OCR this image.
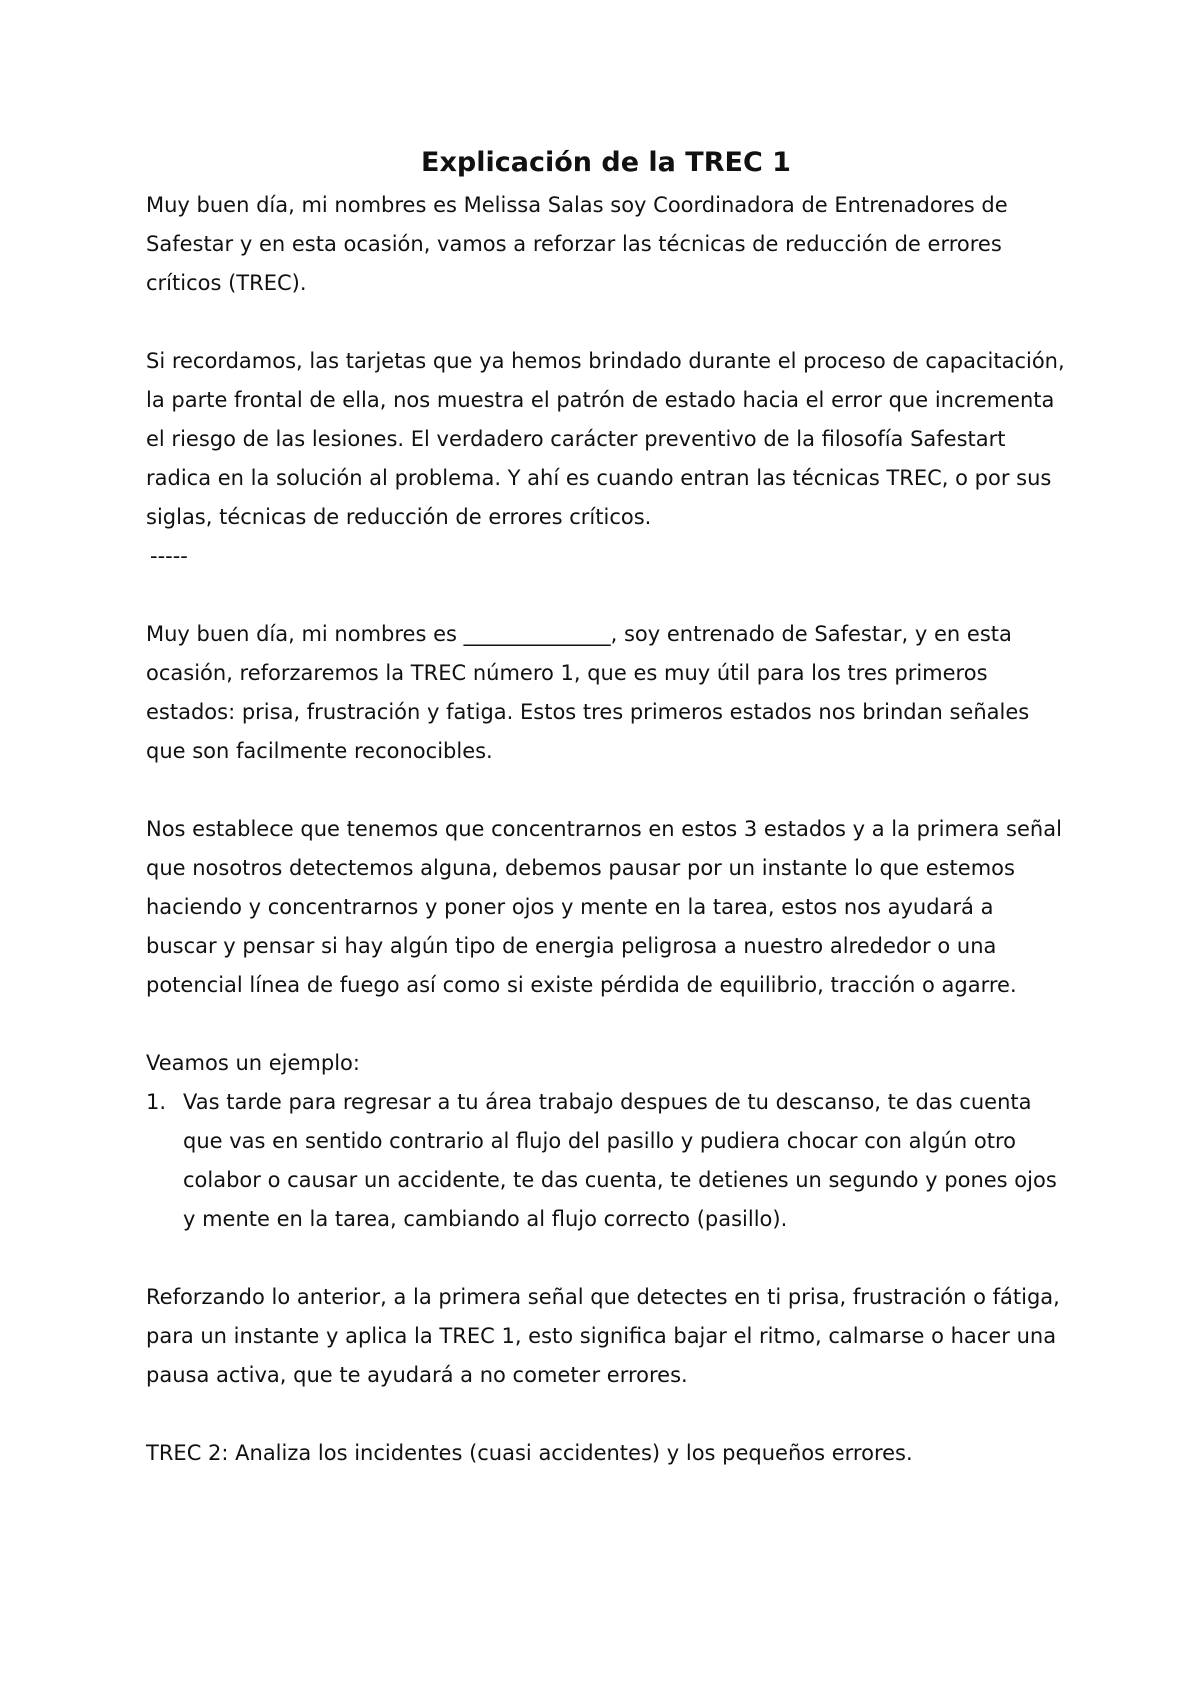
Explicación de la TREC 1

Muy buen día, mi nombres es Melissa Salas soy Coordinadora de Entrenadores de Safestar y en esta ocasión, vamos a reforzar las técnicas de reducción de errores críticos (TREC).

Si recordamos, las tarjetas que ya hemos brindado durante el proceso de capacitación, la parte frontal de ella, nos muestra el patrón de estado hacia el error que incrementa el riesgo de las lesiones. El verdadero carácter preventivo de la filosofía Safestart radica en la solución al problema. Y ahí es cuando entran las técnicas TREC, o por sus siglas, técnicas de reducción de errores críticos.

-----

Muy buen día, mi nombres es ______________, soy entrenado de Safestar, y en esta ocasión, reforzaremos la TREC número 1, que es muy útil para los tres primeros estados: prisa, frustración y fatiga. Estos tres primeros estados nos brindan señales que son facilmente reconocibles.

Nos establece que tenemos que concentrarnos en estos 3 estados y a la primera señal que nosotros detectemos alguna, debemos pausar por un instante lo que estemos haciendo y concentrarnos y poner ojos y mente en la tarea, estos nos ayudará a buscar y pensar si hay algún tipo de energia peligrosa a nuestro alrededor o una potencial línea de fuego así como si existe pérdida de equilibrio, tracción o agarre.

Veamos un ejemplo:

1. Vas tarde para regresar a tu área trabajo despues de tu descanso, te das cuenta que vas en sentido contrario al flujo del pasillo y pudiera chocar con algún otro colabor o causar un accidente, te das cuenta, te detienes un segundo y pones ojos y mente en la tarea, cambiando al flujo correcto (pasillo).

Reforzando lo anterior, a la primera señal que detectes en ti prisa, frustración o fátiga, para un instante y aplica la TREC 1, esto significa bajar el ritmo, calmarse o hacer una pausa activa, que te ayudará a no cometer errores.

TREC 2: Analiza los incidentes (cuasi accidentes) y los pequeños errores.
